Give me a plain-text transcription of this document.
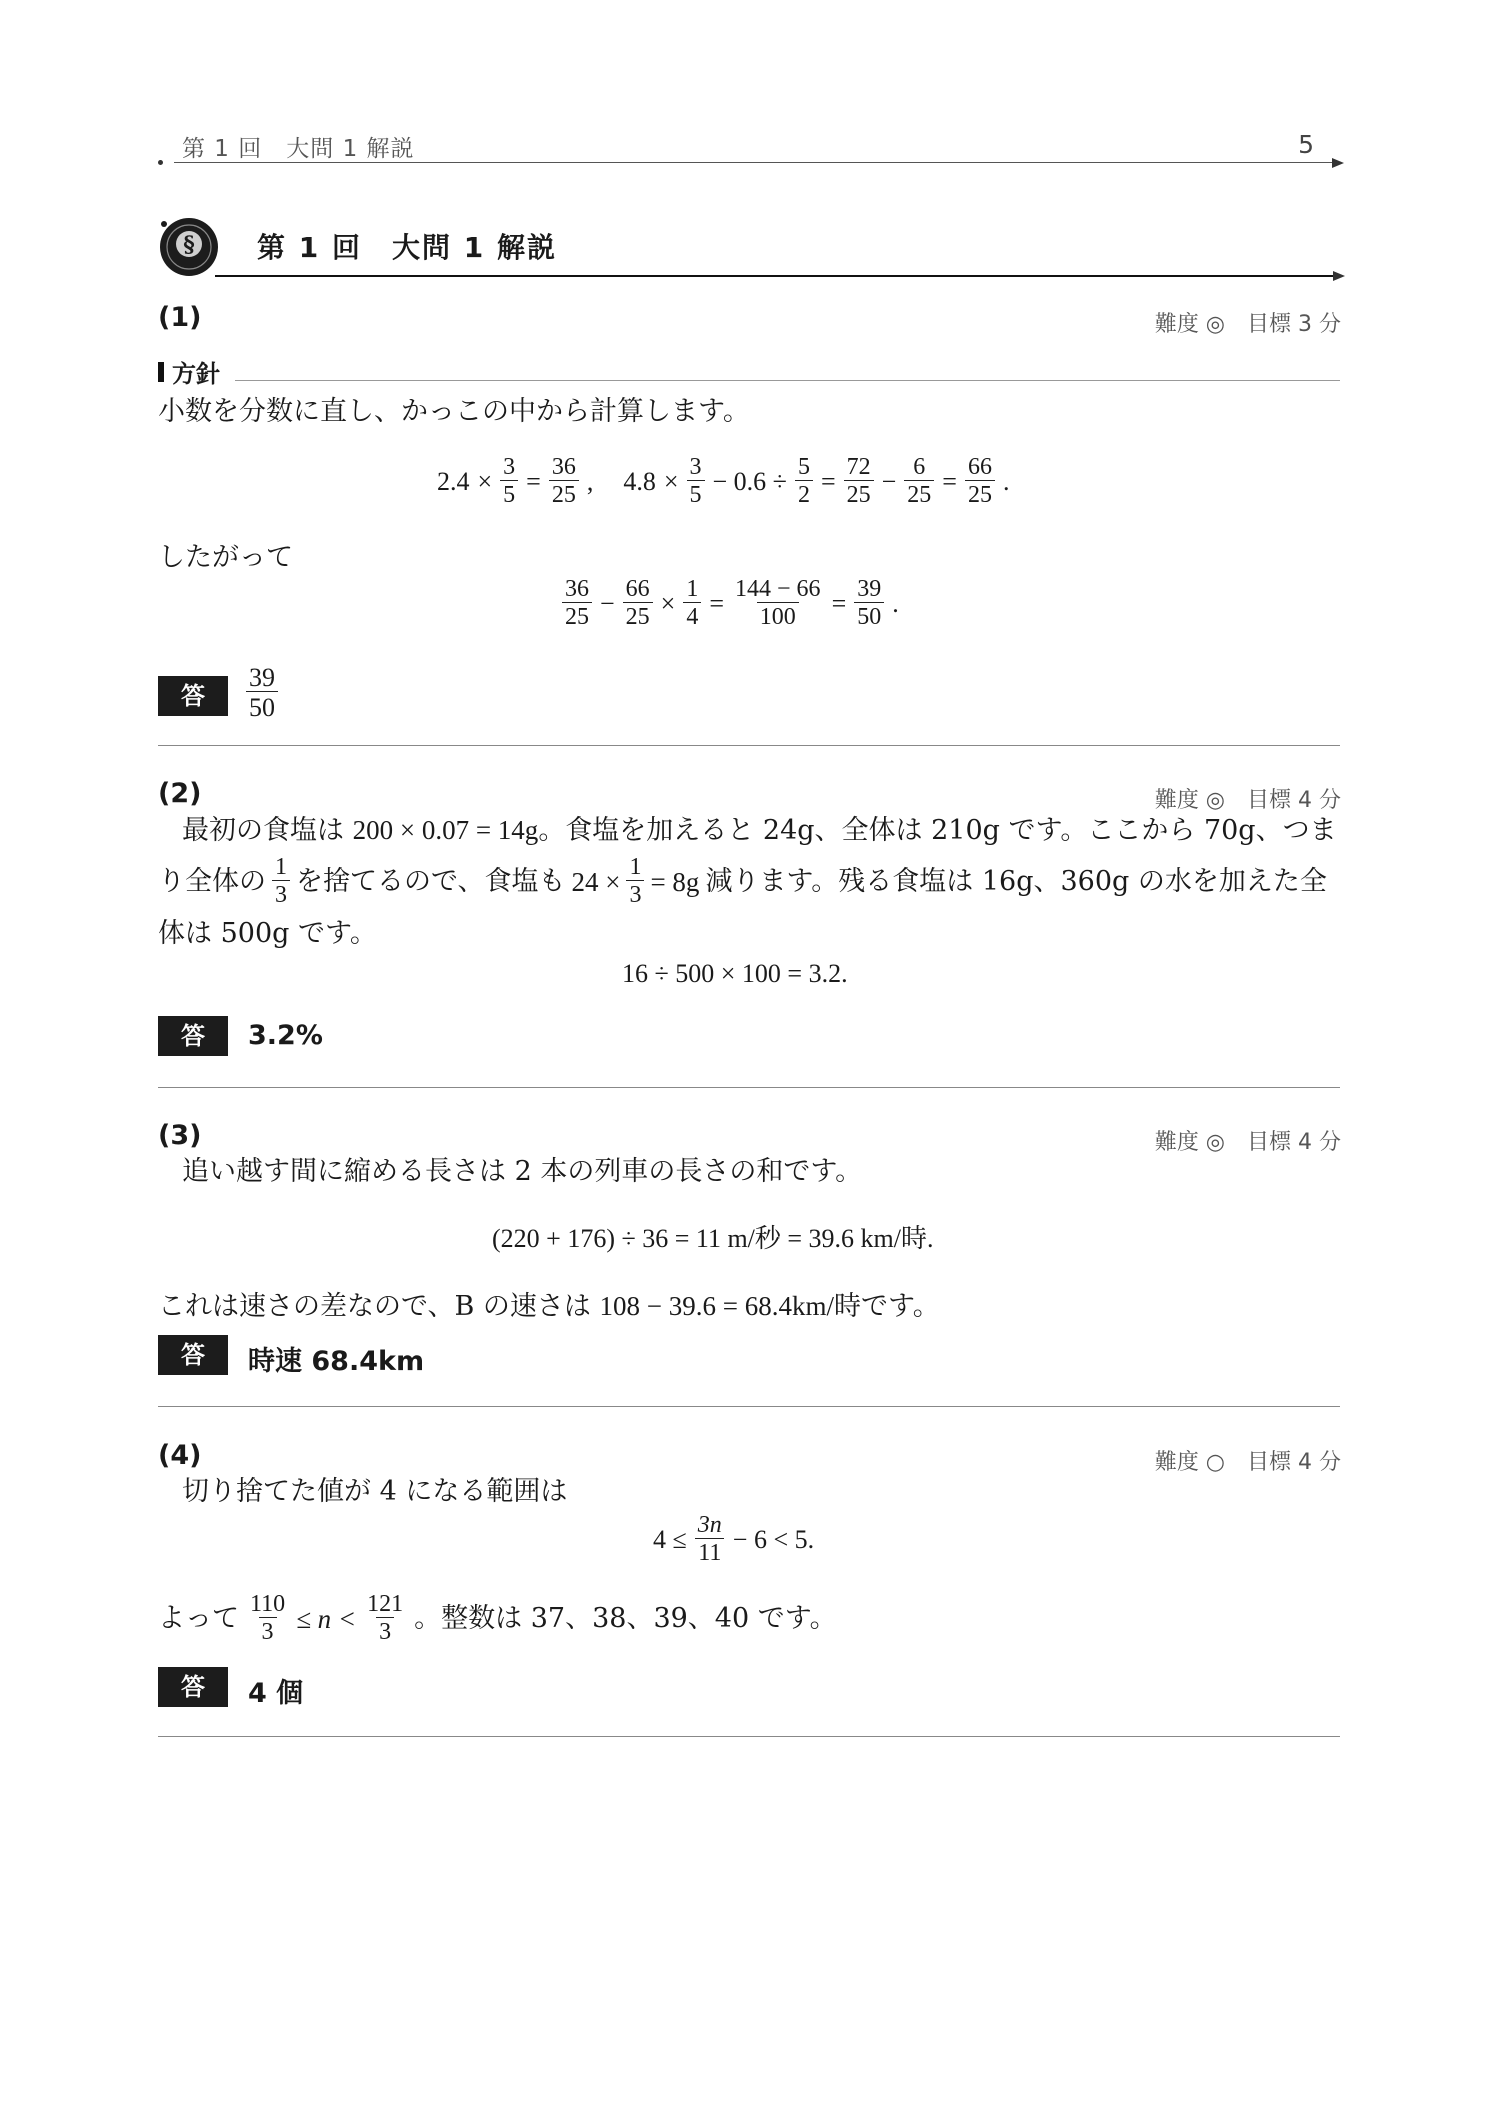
第 1 回　大問 1 解説	5
§ 第 1 回　大問 1 解説
(1)	難度 ◎　目標 3 分
方針
小数を分数に直し、かっこの中から計算します。
$2.4 \times \frac{3}{5} = \frac{36}{25}$ , $4.8 \times \frac{3}{5} - 0.6 \div \frac{5}{2} = \frac{72}{25} - \frac{6}{25} = \frac{66}{25}$ .
したがって
$\frac{36}{25} - \frac{66}{25} \times \frac{1}{4} = \frac{144 - 66}{100} = \frac{39}{50}$ .
答	$\frac{39}{50}$
(2)	難度 ◎　目標 4 分
最初の食塩は 200 × 0.07 = 14g。食塩を加えると 24g、全体は 210g です。ここから 70g、つま
り全体の $\frac{1}{3}$ を捨てるので、食塩も $24 \times \frac{1}{3} = 8g$ 減ります。残る食塩は 16g、360g の水を加えた全
体は 500g です。
16 ÷ 500 × 100 = 3.2.
答	3.2%
(3)	難度 ◎　目標 4 分
追い越す間に縮める長さは 2 本の列車の長さの和です。
(220 + 176) ÷ 36 = 11 m/秒 = 39.6 km/時.
これは速さの差なので、B の速さは 108 − 39.6 = 68.4km/時です。
答	時速 68.4km
(4)	難度 ○　目標 4 分
切り捨てた値が 4 になる範囲は
$4 \le \frac{3n}{11} - 6 < 5$.
よって $\frac{110}{3} \le n < \frac{121}{3}$ 。整数は 37、38、39、40 です。
答	4 個
